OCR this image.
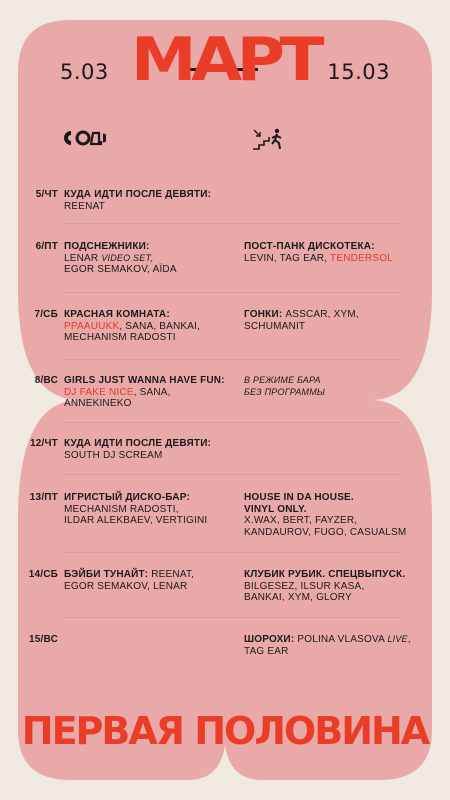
5.03 МАРТ 15.03
5/ЧТ КУДА ИДТИ ПОСЛЕ ДЕВЯТИ:
REENAT
6/ПТ ПОДСНЕЖНИКИ:
LENAR VIDEO SET,
EGOR SEMAKOV, AÏDA
ПОСТ-ПАНК ДИСКОТЕКА:
LEVIN, TAG EAR, TENDERSOL
7/СБ КРАСНАЯ КОМНАТА:
PPAAUUKK, SANA, BANKAI,
MECHANISM RADOSTI
ГОНКИ: ASSCAR, XYM,
SCHUMANIT
8/ВС GIRLS JUST WANNA HAVE FUN:
DJ FAKE NICE, SANA,
ANNEKINEKO
В РЕЖИМЕ БАРА
БЕЗ ПРОГРАММЫ
12/ЧТ КУДА ИДТИ ПОСЛЕ ДЕВЯТИ:
SOUTH DJ SCREAM
13/ПТ ИГРИСТЫЙ ДИСКО-БАР:
MECHANISM RADOSTI,
ILDAR ALEKBAEV, VERTIGINI
HOUSE IN DA HOUSE.
VINYL ONLY.
X.WAX, BERT, FAYZER,
KANDAUROV, FUGO, CASUALSM
14/СБ БЭЙБИ ТУНАЙТ: REENAT,
EGOR SEMAKOV, LENAR
КЛУБИК РУБИК. СПЕЦВЫПУСК.
BILGESEZ, ILSUR KASA,
BANKAI, XYM, GLORY
15/ВС	ШОРОХИ: POLINA VLASOVA LIVE,
TAG EAR
ПЕРВАЯ ПОЛОВИНА
